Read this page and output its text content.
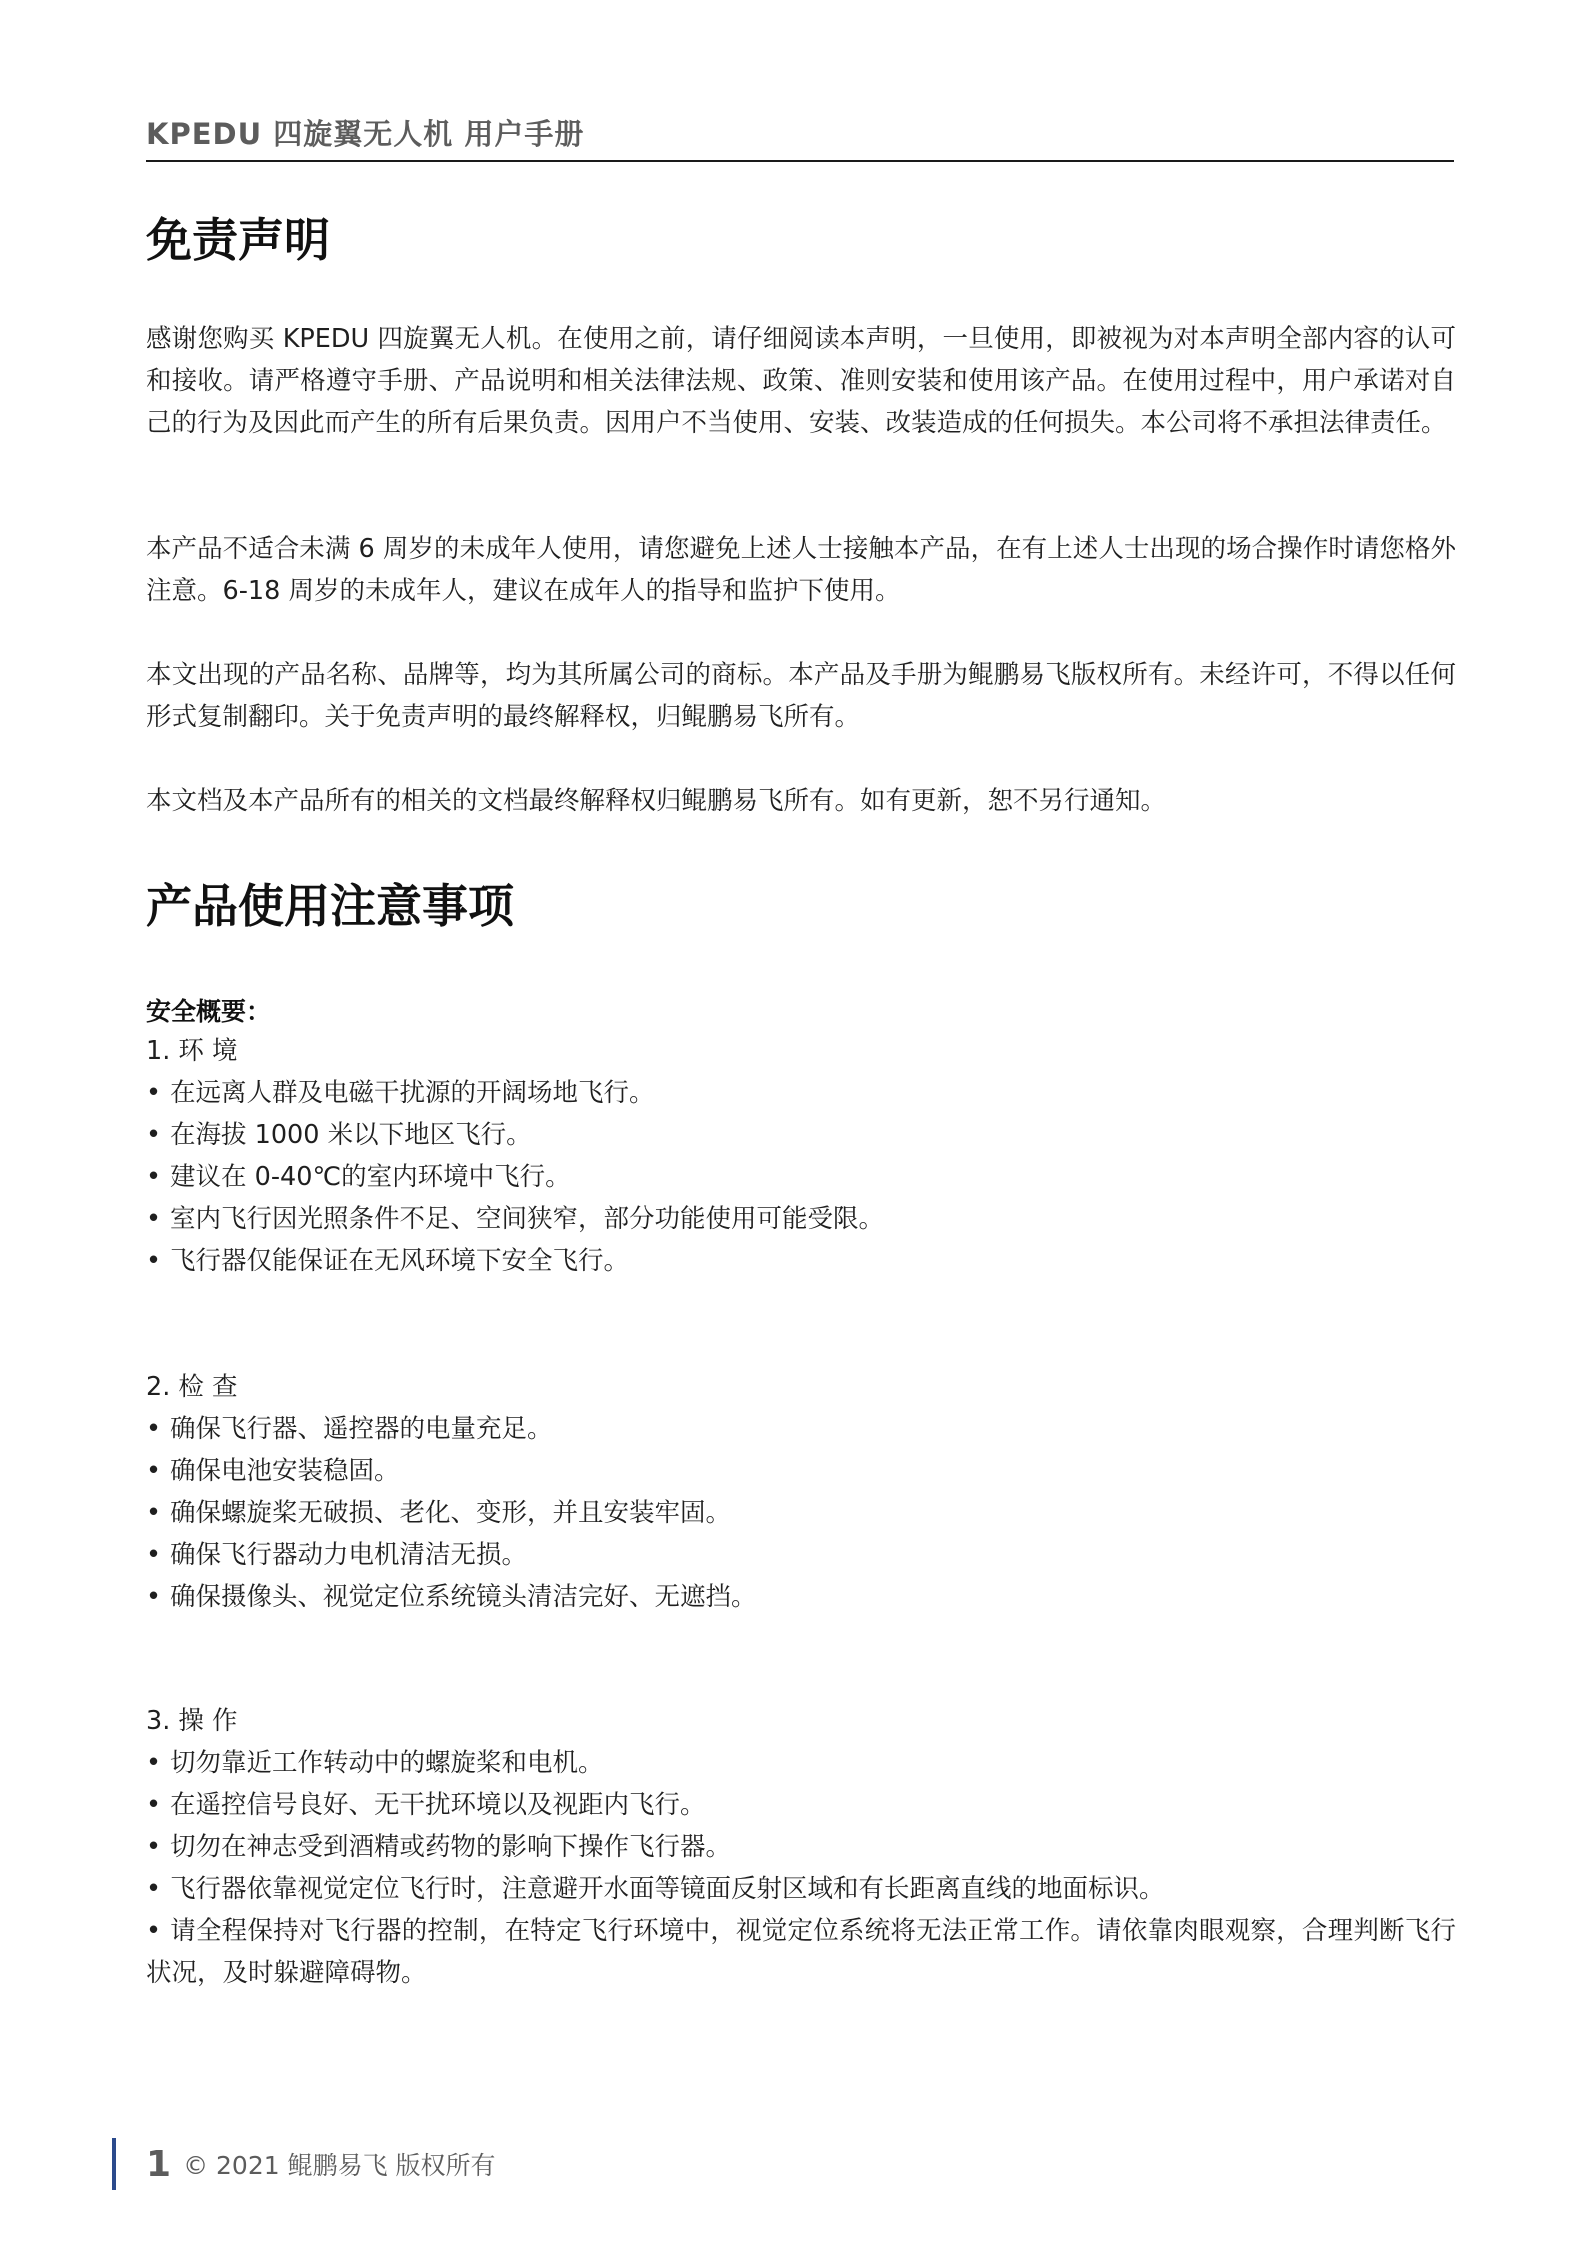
KPEDU 四旋翼无人机 用户手册
免责声明

感谢您购买 KPEDU 四旋翼无人机。在使用之前，请仔细阅读本声明，一旦使用，即被视为对本声明全部内容的认可和接收。请严格遵守手册、产品说明和相关法律法规、政策、准则安装和使用该产品。在使用过程中，用户承诺对自己的行为及因此而产生的所有后果负责。因用户不当使用、安装、改装造成的任何损失。本公司将不承担法律责任。

本产品不适合未满 6 周岁的未成年人使用，请您避免上述人士接触本产品，在有上述人士出现的场合操作时请您格外注意。6-18 周岁的未成年人，建议在成年人的指导和监护下使用。

本文出现的产品名称、品牌等，均为其所属公司的商标。本产品及手册为鲲鹏易飞版权所有。未经许可，不得以任何形式复制翻印。关于免责声明的最终解释权，归鲲鹏易飞所有。

本文档及本产品所有的相关的文档最终解释权归鲲鹏易飞所有。如有更新，恕不另行通知。

产品使用注意事项
安全概要：
1. 环 境
• 在远离人群及电磁干扰源的开阔场地飞行。
• 在海拔 1000 米以下地区飞行。
• 建议在 0-40℃的室内环境中飞行。
• 室内飞行因光照条件不足、空间狭窄，部分功能使用可能受限。
• 飞行器仅能保证在无风环境下安全飞行。
2. 检 查
• 确保飞行器、遥控器的电量充足。
• 确保电池安装稳固。
• 确保螺旋桨无破损、老化、变形，并且安装牢固。
• 确保飞行器动力电机清洁无损。
• 确保摄像头、视觉定位系统镜头清洁完好、无遮挡。
3. 操 作
• 切勿靠近工作转动中的螺旋桨和电机。
• 在遥控信号良好、无干扰环境以及视距内飞行。
• 切勿在神志受到酒精或药物的影响下操作飞行器。
• 飞行器依靠视觉定位飞行时，注意避开水面等镜面反射区域和有长距离直线的地面标识。
• 请全程保持对飞行器的控制，在特定飞行环境中，视觉定位系统将无法正常工作。请依靠肉眼观察，合理判断飞行状况，及时躲避障碍物。
1 © 2021 鲲鹏易飞 版权所有
